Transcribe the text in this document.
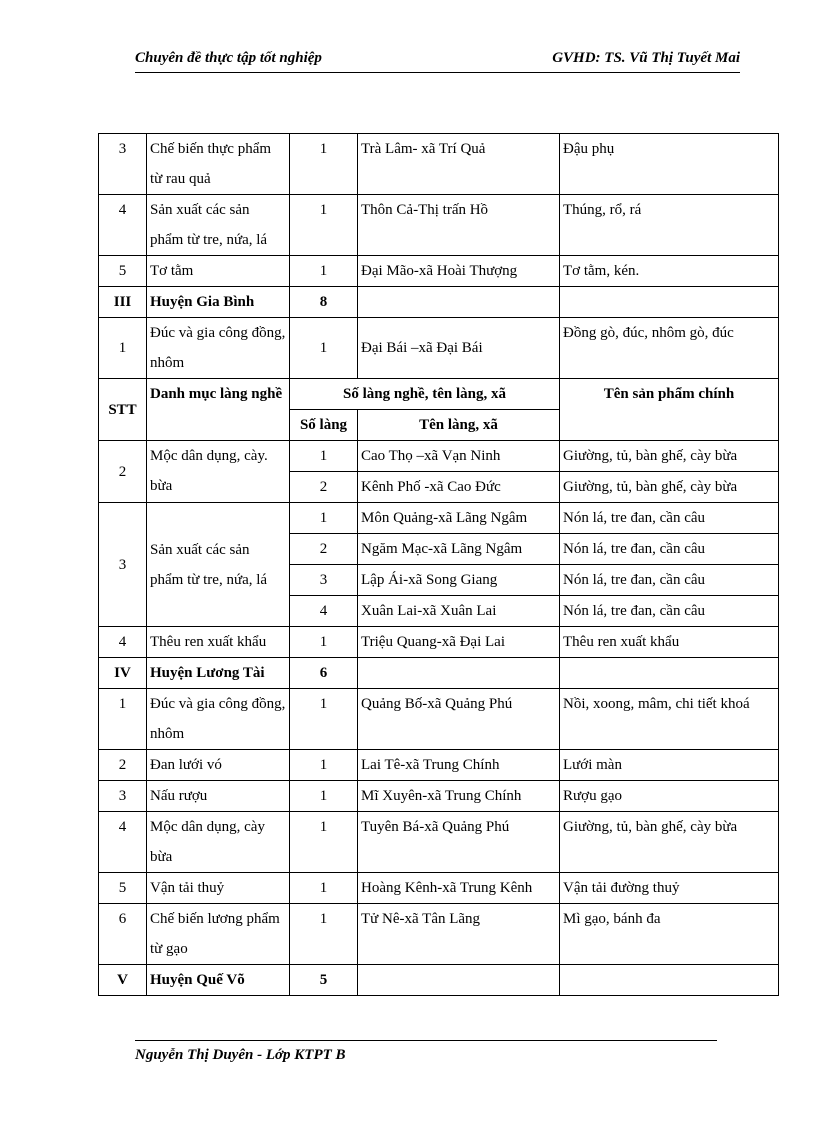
Chuyên đề thực tập tốt nghiệp	GVHD: TS. Vũ Thị Tuyết Mai
3	Chế biến thực phẩm từ rau quả	1	Trà Lâm- xã Trí Quả	Đậu phụ
4	Sản xuất các sản phẩm từ tre, nứa, lá	1	Thôn Cả-Thị trấn Hồ	Thúng, rổ, rá
5	Tơ tằm	1	Đại Mão-xã Hoài Thượng	Tơ tằm, kén.
III	Huyện Gia Bình	8		
1	Đúc và gia công đồng, nhôm	1	Đại Bái –xã Đại Bái	Đồng gò, đúc, nhôm gò, đúc
STT	Danh mục làng nghề	Số làng nghề, tên làng, xã		Tên sản phẩm chính
		Số làng	Tên làng, xã	
2	Mộc dân dụng, cày. bừa	1	Cao Thọ –xã Vạn Ninh	Giường, tủ, bàn ghế, cày bừa
		2	Kênh Phố -xã Cao Đức	Giường, tủ, bàn ghế, cày bừa
3	Sản xuất các sản phẩm từ tre, nứa, lá	1	Môn Quảng-xã Lãng Ngâm	Nón lá, tre đan, cần câu
		2	Ngăm Mạc-xã Lãng Ngâm	Nón lá, tre đan, cần câu
		3	Lập Ái-xã Song Giang	Nón lá, tre đan, cần câu
		4	Xuân Lai-xã Xuân Lai	Nón lá, tre đan, cần câu
4	Thêu ren xuất khẩu	1	Triệu Quang-xã Đại Lai	Thêu ren xuất khẩu
IV	Huyện Lương Tài	6		
1	Đúc và gia công đồng, nhôm	1	Quảng Bố-xã Quảng Phú	Nồi, xoong, mâm, chi tiết khoá
2	Đan lưới vó	1	Lai Tê-xã Trung Chính	Lưới màn
3	Nấu rượu	1	Mĩ Xuyên-xã Trung Chính	Rượu gạo
4	Mộc dân dụng, cày bừa	1	Tuyên Bá-xã Quảng Phú	Giường, tủ, bàn ghế, cày bừa
5	Vận tải thuỷ	1	Hoàng Kênh-xã Trung Kênh	Vận tải đường thuỷ
6	Chế biến lương phẩm từ gạo	1	Tử Nê-xã Tân Lãng	Mì gạo, bánh đa
V	Huyện Quế Võ	5		
Nguyễn Thị Duyên - Lớp KTPT B
